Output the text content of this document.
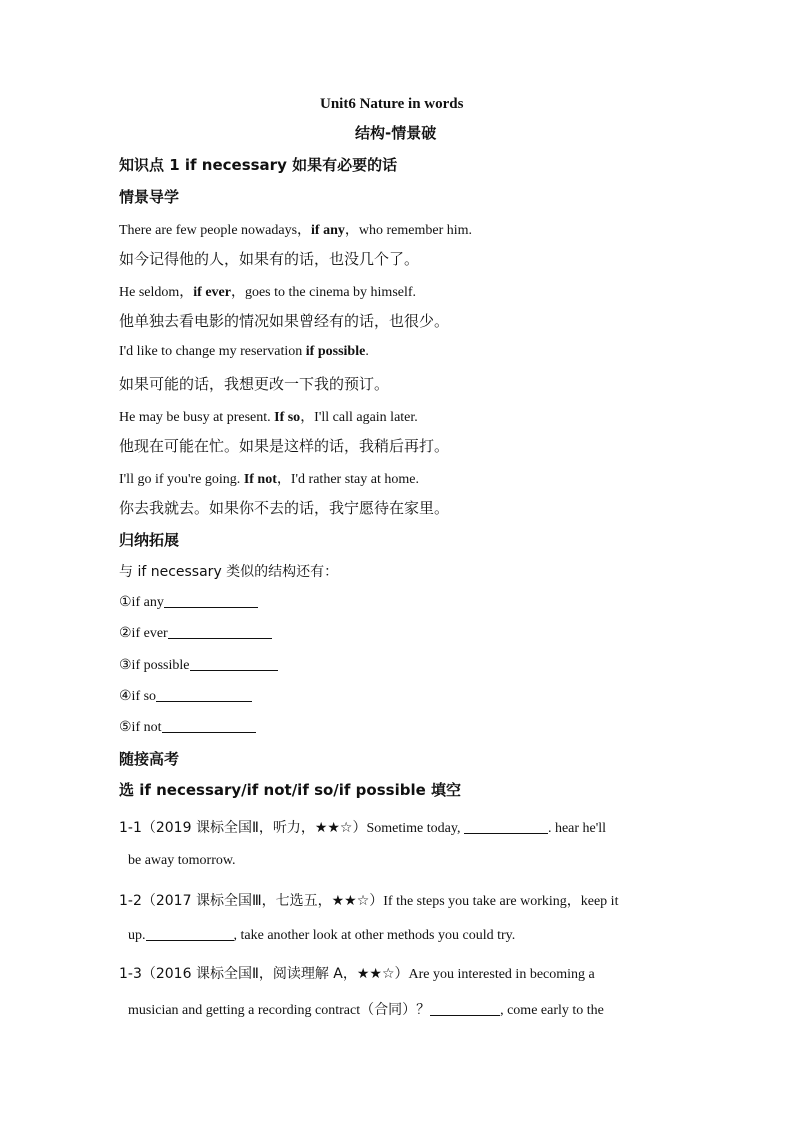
Unit6 Nature in words
结构-情景破
知识点 1 if necessary 如果有必要的话
情景导学
There are few people nowadays，if any，who remember him.
如今记得他的人，如果有的话，也没几个了。
He seldom，if ever，goes to the cinema by himself.
他单独去看电影的情况如果曾经有的话，也很少。
I'd like to change my reservation if possible.
如果可能的话，我想更改一下我的预订。
He may be busy at present. If so，I'll call again later.
他现在可能在忙。如果是这样的话，我稍后再打。
I'll go if you're going. If not，I'd rather stay at home.
你去我就去。如果你不去的话，我宁愿待在家里。
归纳拓展
与 if necessary 类似的结构还有：
①if any
②if ever
③if possible
④if so
⑤if not
随接高考
选 if necessary/if not/if so/if possible 填空
1-1（2019 课标全国Ⅱ，听力，★★☆）Sometime today,	. hear he'll
be away tomorrow.
1-2（2017 课标全国Ⅲ，七选五，★★☆）If the steps you take are working，keep it
up.	, take another look at other methods you could try.
1-3（2016 课标全国Ⅱ，阅读理解 A，★★☆）Are you interested in becoming a
musician and getting a recording contract（合同）？	, come early to the
